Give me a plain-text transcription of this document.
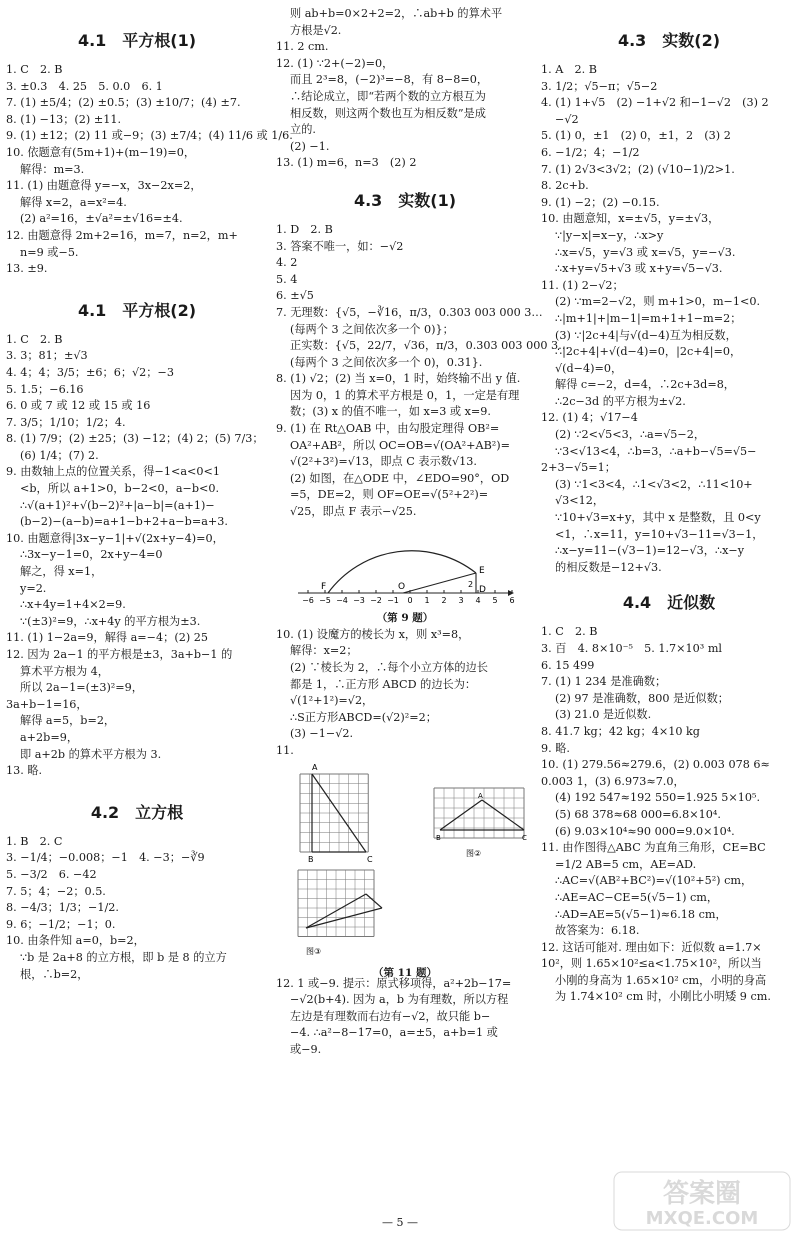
4.1　平方根(1)
1. C　2. B
3. ±0.3　4. 25　5. 0.0　6. 1
7. (1) ±5/4；(2) ±0.5；(3) ±10/7；(4) ±7.
8. (1) −13；(2) ±11.
9. (1) ±12；(2) 11 或−9；(3) ±7/4；(4) 11/6 或 1/6.
10. 依题意有(5m+1)+(m−19)=0，
解得：m=3.
11. (1) 由题意得 y=−x，3x−2x=2，
解得 x=2，a=x²=4.
(2) a²=16，±√a²=±√16=±4.
12. 由题意得 2m+2=16，m=7，n=2，m+
n=9 或−5.
13. ±9.
4.1　平方根(2)
1. C　2. B
3. 3；81；±√3
4. 4；4；3/5；±6；6；√2；−3
5. 1.5；−6.16
6. 0 或 7 或 12 或 15 或 16
7. 3/5；1/10；1/2；4.
8. (1) 7/9；(2) ±25；(3) −12；(4) 2；(5) 7/3；
(6) 1/4；(7) 2.
9. 由数轴上点的位置关系，得−1<a<0<1
<b，所以 a+1>0，b−2<0，a−b<0.
∴√(a+1)²+√(b−2)²+|a−b|=(a+1)−
(b−2)−(a−b)=a+1−b+2+a−b=a+3.
10. 由题意得|3x−y−1|+√(2x+y−4)=0，
∴3x−y−1=0，2x+y−4=0
解之，得 x=1，
y=2.
∴x+4y=1+4×2=9.
∵(±3)²=9，∴x+4y 的平方根为±3.
11. (1) 1−2a=9，解得 a=−4；(2) 25
12. 因为 2a−1 的平方根是±3，3a+b−1 的
算术平方根为 4，
所以 2a−1=(±3)²=9，
3a+b−1=16，
解得 a=5，b=2，
a+2b=9，
即 a+2b 的算术平方根为 3.
13. 略.
4.2　立方根
1. B　2. C
3. −1/4；−0.008；−1　4. −3；−∛9
5. −3/2　6. −42
7. 5；4；−2；0.5.
8. −4/3；1/3；−1/2.
9. 6；−1/2；−1；0.
10. 由条件知 a=0，b=2，
∵b 是 2a+8 的立方根，即 b 是 8 的立方
根，∴b=2，
则 ab+b=0×2+2=2，∴ab+b 的算术平
方根是√2.
11. 2 cm.
12. (1) ∵2+(−2)=0，
而且 2³=8，(−2)³=−8，有 8−8=0，
∴结论成立，即“若两个数的立方根互为
相反数，则这两个数也互为相反数”是成
立的.
(2) −1.
13. (1) m=6，n=3　(2) 2
4.3　实数(1)
1. D　2. B
3. 答案不唯一，如：−√2
4. 2
5. 4
6. ±√5
7. 无理数：{√5，−∛16，π/3，0.303 003 000 3…
(每两个 3 之间依次多一个 0)}；
正实数：{√5，22/7，√36，π/3，0.303 003 000 3…
(每两个 3 之间依次多一个 0)，0.31}.
8. (1) √2；(2) 当 x=0，1 时，始终输不出 y 值.
因为 0，1 的算术平方根是 0，1，一定是有理
数；(3) x 的值不唯一，如 x=3 或 x=9.
9. (1) 在 Rt△OAB 中，由勾股定理得 OB²=
OA²+AB²，所以 OC=OB=√(OA²+AB²)=
√(2²+3²)=√13，即点 C 表示数√13.
(2) 如图，在△ODE 中，∠EDO=90°，OD
=5，DE=2，则 OF=OE=√(5²+2²)=
√25，即点 F 表示−√25.
−6 −5 −4 −3 −2 −1 0 1 2 3 4 5 6
F	O
E
D
2
（第 9 题）
10. (1) 设魔方的棱长为 x，则 x³=8，
解得：x=2；
(2) ∵棱长为 2，∴每个小立方体的边长
都是 1，∴正方形 ABCD 的边长为：
√(1²+1²)=√2，
∴S正方形ABCD=(√2)²=2；
(3) −1−√2.
11.
A
B	C
A
B	C
图②
图③
（第 11 题）
12. 1 或−9. 提示：原式移项得，a²+2b−17=
−√2(b+4). 因为 a，b 为有理数，所以方程
左边是有理数而右边有−√2，故只能 b−
−4. ∴a²−8−17=0，a=±5，a+b=1 或
或−9.
4.3　实数(2)
1. A　2. B
3. 1/2；√5−π；√5−2
4. (1) 1+√5　(2) −1+√2 和−1−√2　(3) 2
−√2
5. (1) 0，±1　(2) 0，±1，2　(3) 2
6. −1/2；4；−1/2
7. (1) 2√3<3√2；(2) (√10−1)/2>1.
8. 2c+b.
9. (1) −2；(2) −0.15.
10. 由题意知，x=±√5，y=±√3，
∵|y−x|=x−y，∴x>y
∴x=√5，y=√3 或 x=√5，y=−√3.
∴x+y=√5+√3 或 x+y=√5−√3.
11. (1) 2−√2；
(2) ∵m=2−√2，则 m+1>0，m−1<0.
∴|m+1|+|m−1|=m+1+1−m=2；
(3) ∵|2c+4|与√(d−4)互为相反数，
∴|2c+4|+√(d−4)=0，|2c+4|=0，
√(d−4)=0，
解得 c=−2，d=4，∴2c+3d=8，
∴2c−3d 的平方根为±√2.
12. (1) 4；√17−4
(2) ∵2<√5<3，∴a=√5−2，
∵3<√13<4，∴b=3，∴a+b−√5=√5−
2+3−√5=1；
(3) ∵1<3<4，∴1<√3<2，∴11<10+
√3<12，
∵10+√3=x+y，其中 x 是整数，且 0<y
<1，∴x=11，y=10+√3−11=√3−1，
∴x−y=11−(√3−1)=12−√3，∴x−y
的相反数是−12+√3.
4.4　近似数
1. C　2. B
3. 百　4. 8×10⁻⁵　5. 1.7×10³ ml
6. 15 499
7. (1) 1 234 是准确数；
(2) 97 是准确数，800 是近似数；
(3) 21.0 是近似数.
8. 41.7 kg；42 kg；4×10 kg
9. 略.
10. (1) 279.56≈279.6，(2) 0.003 078 6≈
0.003 1，(3) 6.973≈7.0，
(4) 192 547≈192 550=1.925 5×10⁵.
(5) 68 378≈68 000=6.8×10⁴.
(6) 9.03×10⁴≈90 000=9.0×10⁴.
11. 由作图得△ABC 为直角三角形，CE=BC
=1/2 AB=5 cm，AE=AD.
∴AC=√(AB²+BC²)=√(10²+5²) cm，
∴AE=AC−CE=5(√5−1) cm，
∴AD=AE=5(√5−1)≈6.18 cm，
故答案为：6.18.
12. 这话可能对. 理由如下：近似数 a=1.7×
10²，则 1.65×10²≤a<1.75×10²，所以当
小刚的身高为 1.65×10² cm，小明的身高
为 1.74×10² cm 时，小刚比小明矮 9 cm.
— 5 —
答案圈
MXQE.COM
